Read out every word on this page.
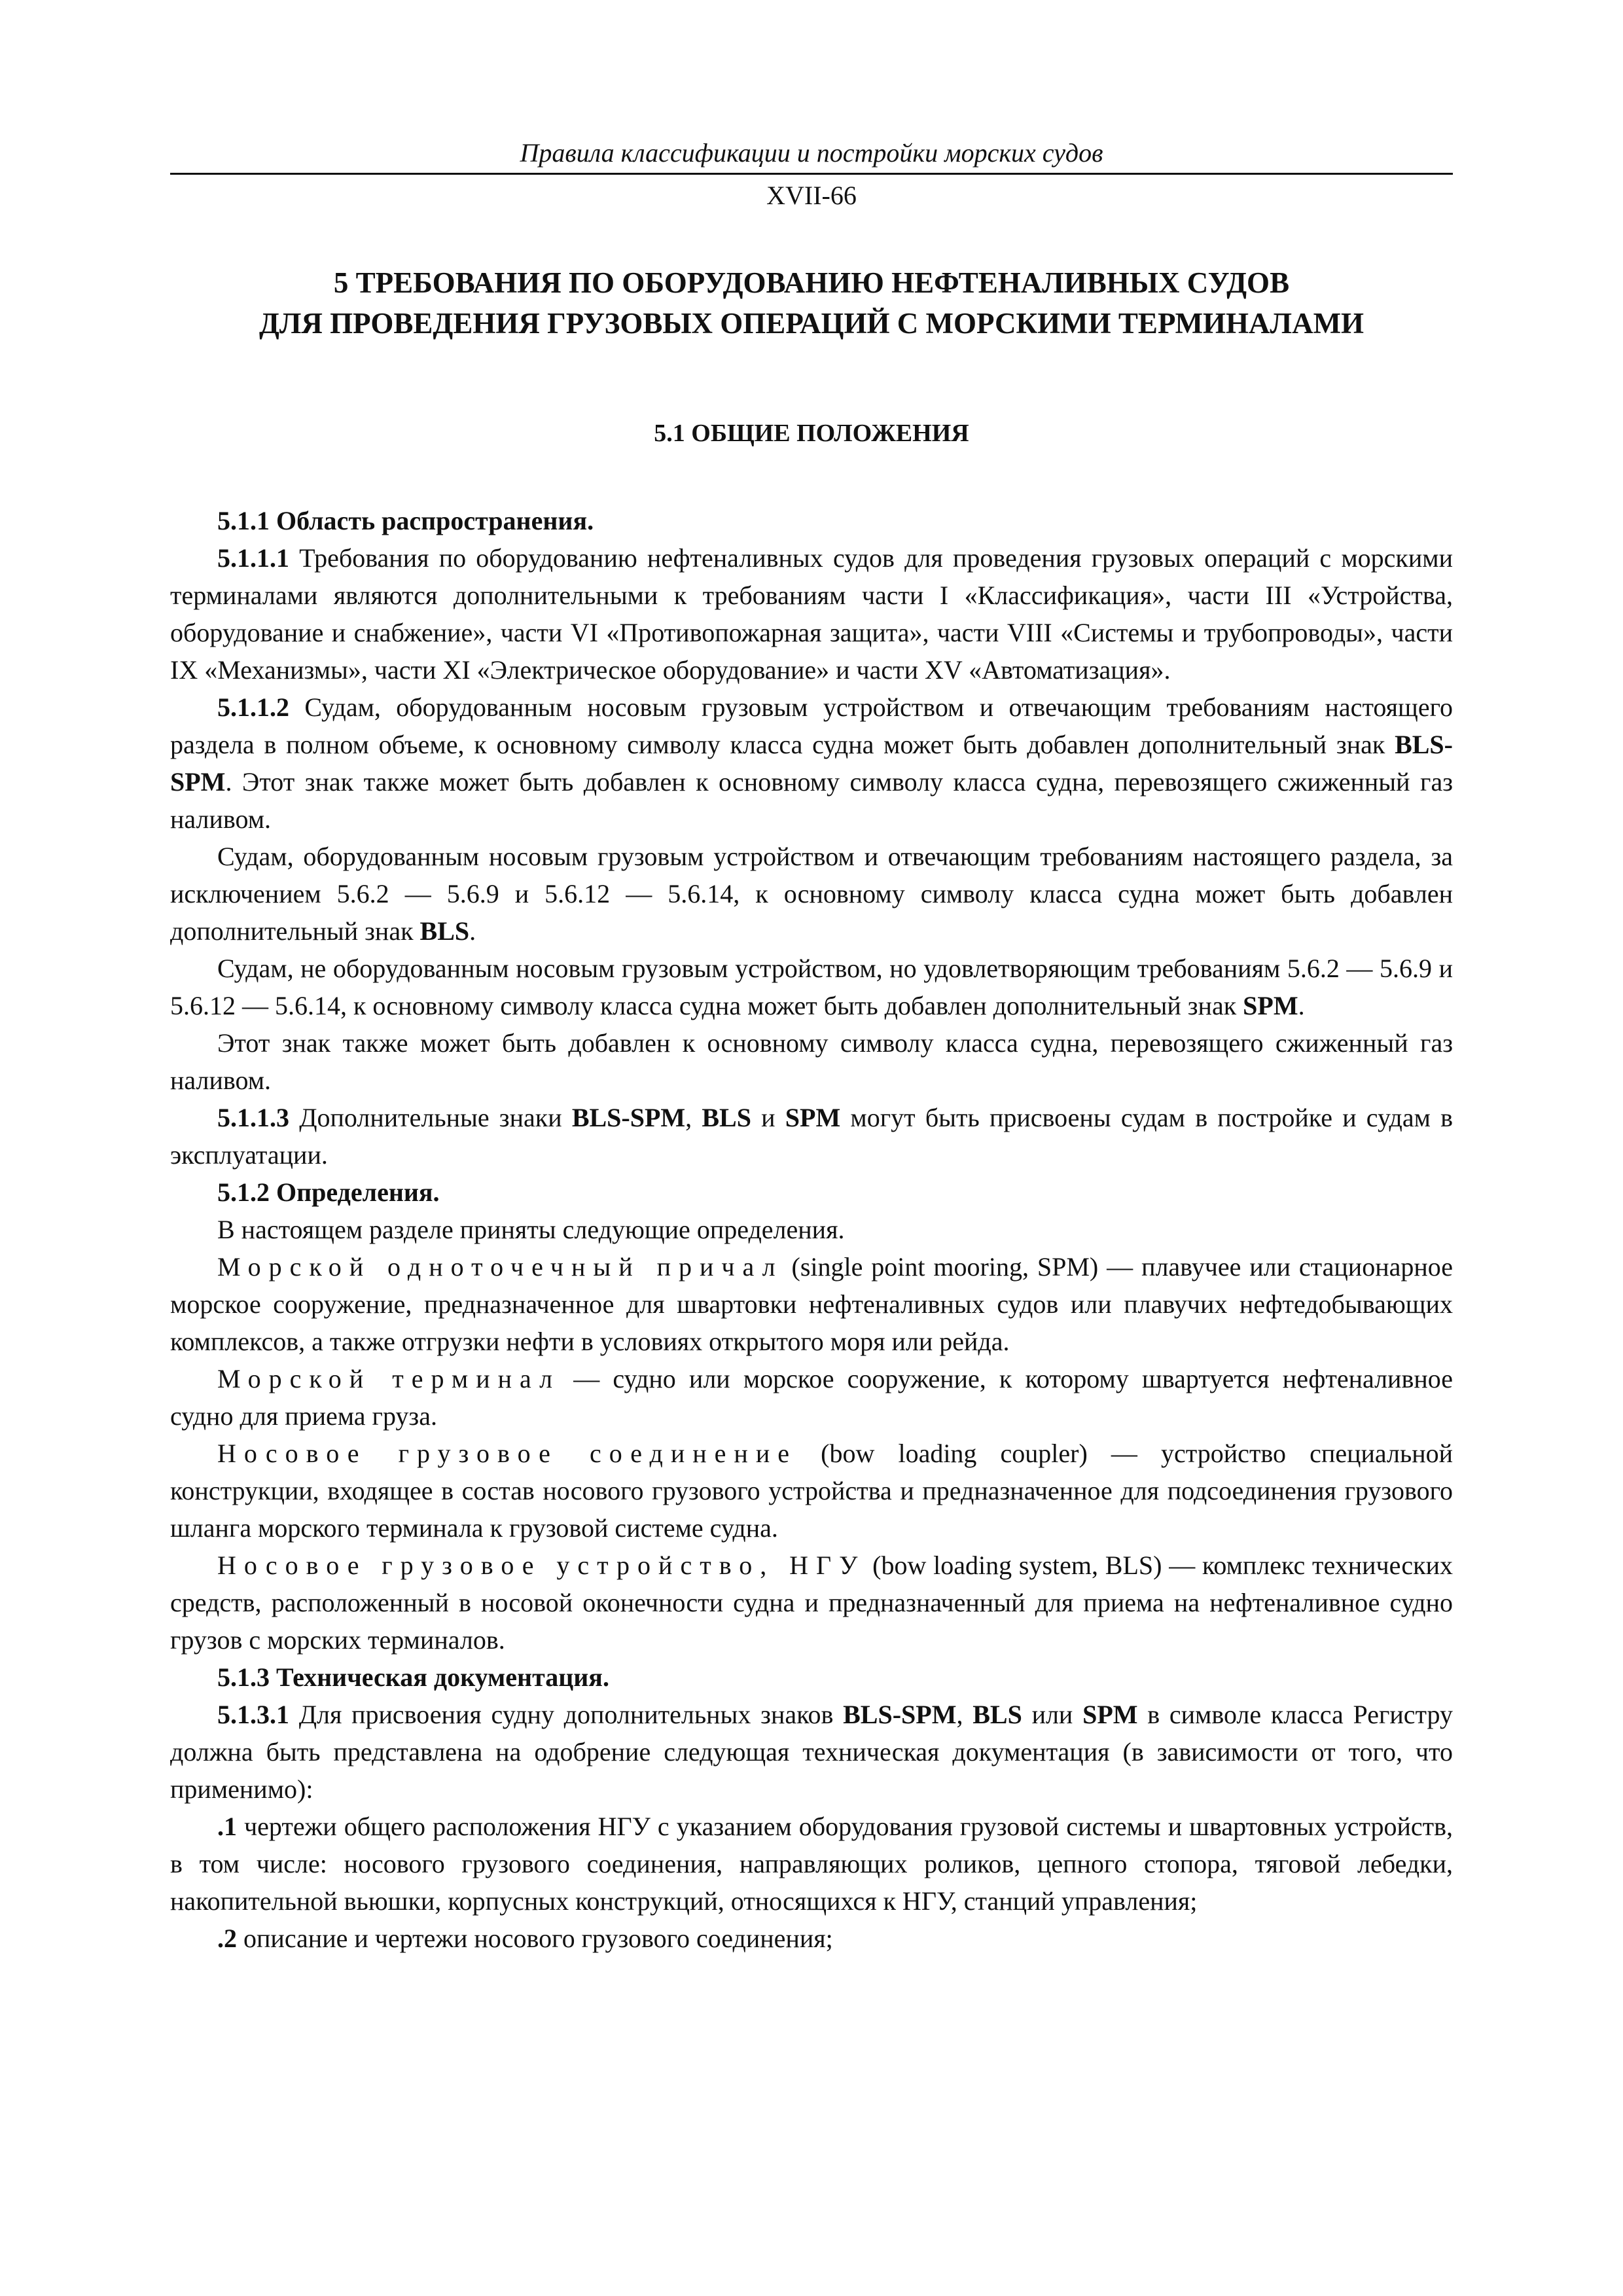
Правила классификации и постройки морских судов
XVII-66
5 ТРЕБОВАНИЯ ПО ОБОРУДОВАНИЮ НЕФТЕНАЛИВНЫХ СУДОВ
ДЛЯ ПРОВЕДЕНИЯ ГРУЗОВЫХ ОПЕРАЦИЙ С МОРСКИМИ ТЕРМИНАЛАМИ
5.1 ОБЩИЕ ПОЛОЖЕНИЯ

5.1.1 Область распространения.

5.1.1.1 Требования по оборудованию нефтеналивных судов для проведения грузовых операций с морскими терминалами являются дополнительными к требованиям части I «Классификация», части III «Устройства, оборудование и снабжение», части VI «Противопожарная защита», части VIII «Системы и трубопроводы», части IX «Механизмы», части XI «Электрическое оборудование» и части XV «Автоматизация».

5.1.1.2 Судам, оборудованным носовым грузовым устройством и отвечающим требованиям настоящего раздела в полном объеме, к основному символу класса судна может быть добавлен дополнительный знак BLS-SPM. Этот знак также может быть добавлен к основному символу класса судна, перевозящего сжиженный газ наливом.

Судам, оборудованным носовым грузовым устройством и отвечающим требованиям настоящего раздела, за исключением 5.6.2 — 5.6.9 и 5.6.12 — 5.6.14, к основному символу класса судна может быть добавлен дополнительный знак BLS.

Судам, не оборудованным носовым грузовым устройством, но удовлетворяющим требованиям 5.6.2 — 5.6.9 и 5.6.12 — 5.6.14, к основному символу класса судна может быть добавлен дополнительный знак SPM.

Этот знак также может быть добавлен к основному символу класса судна, перевозящего сжиженный газ наливом.

5.1.1.3 Дополнительные знаки BLS-SPM, BLS и SPM могут быть присвоены судам в постройке и судам в эксплуатации.

5.1.2 Определения.

В настоящем разделе приняты следующие определения.

Морской одноточечный причал (single point mooring, SPM) — плавучее или стационарное морское сооружение, предназначенное для швартовки нефтеналивных судов или плавучих нефтедобывающих комплексов, а также отгрузки нефти в условиях открытого моря или рейда.

Морской терминал — судно или морское сооружение, к которому швартуется нефтеналивное судно для приема груза.

Носовое грузовое соединение (bow loading coupler) — устройство специальной конструкции, входящее в состав носового грузового устройства и предназначенное для подсоединения грузового шланга морского терминала к грузовой системе судна.

Носовое грузовое устройство, НГУ (bow loading system, BLS) — комплекс технических средств, расположенный в носовой оконечности судна и предназначенный для приема на нефтеналивное судно грузов с морских терминалов.

5.1.3 Техническая документация.

5.1.3.1 Для присвоения судну дополнительных знаков BLS-SPM, BLS или SPM в символе класса Регистру должна быть представлена на одобрение следующая техническая документация (в зависимости от того, что применимо):

.1 чертежи общего расположения НГУ с указанием оборудования грузовой системы и швартовных устройств, в том числе: носового грузового соединения, направляющих роликов, цепного стопора, тяговой лебедки, накопительной вьюшки, корпусных конструкций, относящихся к НГУ, станций управления;

.2 описание и чертежи носового грузового соединения;
